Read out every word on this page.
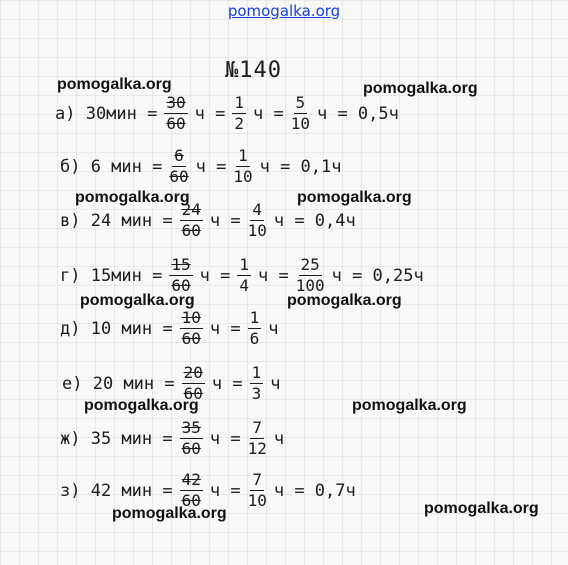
pomogalka.org
№140
pomogalka.org	pomogalka.org
pomogalka.org	pomogalka.org
pomogalka.org	pomogalka.org
pomogalka.org	pomogalka.org
pomogalka.org	pomogalka.org
а) $30мин = \frac{30}{60}$ $ч = \frac{1}{2}$ $ч = \frac{5}{10}$ ч = 0,5ч
б) 6 мин = $\frac{6}{60}$ $ч = \frac{1}{10}$ ч = 0,1ч
в) 24 мин = $\frac{24}{60}$ $ч = \frac{4}{10}$ ч = 0,4ч
г) $15мин = \frac{15}{60}$ $ч = \frac{1}{4}$ $ч = \frac{25}{100}$ ч = 0,25ч
д) 10 мин = $\frac{10}{60}$ $ч = \frac{1}{6}$ ч
е) 20 мин = $\frac{20}{60}$ $ч = \frac{1}{3}$ ч
ж) 35 мин = $\frac{35}{60}$ $ч = \frac{7}{12}$ ч
з) 42 мин = $\frac{42}{60}$ $ч = \frac{7}{10}$ ч = 0,7ч
